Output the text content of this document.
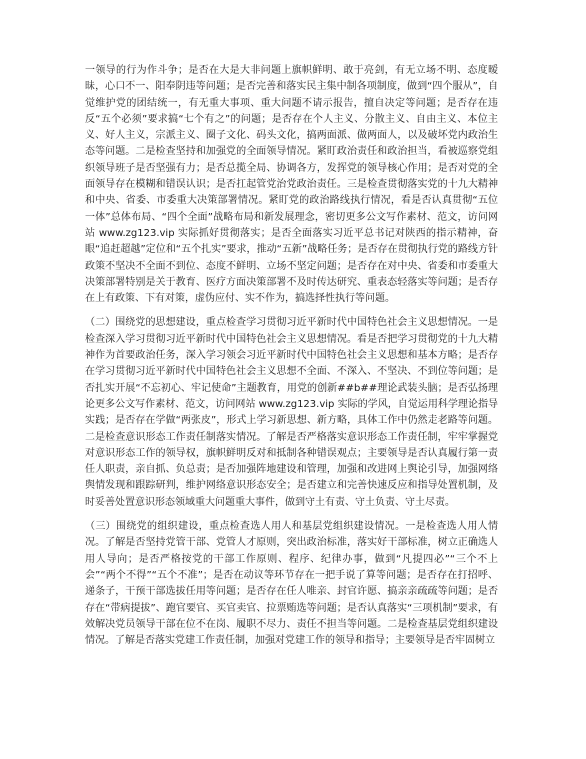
一领导的行为作斗争；是否在大是大非问题上旗帜鲜明、敢于亮剑，有无立场不明、态度暧昧，心口不一、阳奉阴违等问题；是否完善和落实民主集中制各项制度，做到“四个服从”，自觉维护党的团结统一，有无重大事项、重大问题不请示报告，擅自决定等问题；是否存在违反“五个必须”要求搞“七个有之”的问题；是否存在个人主义、分散主义、自由主义、本位主义、好人主义，宗派主义、圈子文化、码头文化，搞两面派、做两面人，以及破坏党内政治生态等问题。二是检查坚持和加强党的全面领导情况。紧盯政治责任和政治担当，看被巡察党组织领导班子是否坚强有力；是否总揽全局、协调各方，发挥党的领导核心作用；是否对党的全面领导存在模糊和错误认识；是否扛起管党治党政治责任。三是检查贯彻落实党的十九大精神和中央、省委、市委重大决策部署情况。紧盯党的政治路线执行情况，看是否认真贯彻“五位一体”总体布局、“四个全面”战略布局和新发展理念，密切更多公文写作素材、范文，访问网站 www.zg123.vip 实际抓好贯彻落实；是否全面落实习近平总书记对陕西的指示精神，奋眼“追赶超越”定位和“五个扎实”要求，推动“五新”战略任务；是否存在贯彻执行党的路线方针政策不坚决不全面不到位、态度不鲜明、立场不坚定问题；是否存在对中央、省委和市委重大决策部署特别是关于教育、医疗方面决策部署不及时传达研究、重表态轻落实等问题；是否存在上有政策、下有对策，虚伪应付、实不作为，搞选择性执行等问题。

（二）围绕党的思想建设，重点检查学习贯彻习近平新时代中国特色社会主义思想情况。一是检查深入学习贯彻习近平新时代中国特色社会主义思想情况。看是否把学习贯彻党的十九大精神作为首要政治任务，深入学习领会习近平新时代中国特色社会主义思想和基本方略；是否存在学习贯彻习近平新时代中国特色社会主义思想不全面、不深入、不坚决、不到位等问题；是否扎实开展“不忘初心、牢记使命”主题教育，用党的创新##b##理论武装头脑；是否弘扬理论更多公文写作素材、范文，访问网站 www.zg123.vip 实际的学风，自觉运用科学理论指导实践；是否存在学做“两张皮”，形式上学习新思想、新方略，具体工作中仍然走老路等问题。二是检查意识形态工作责任制落实情况。了解是否严格落实意识形态工作责任制，牢牢掌握党对意识形态工作的领导权，旗帜鲜明反对和抵制各种错误观点；主要领导是否认真履行第一责任人职责，亲自抓、负总责；是否加强阵地建设和管理，加强和改进网上舆论引导，加强网络舆情发现和跟踪研判，维护网络意识形态安全；是否建立和完善快速反应和指导处置机制，及时妥善处置意识形态领域重大问题重大事件，做到守土有责、守土负责、守土尽责。

（三）围绕党的组织建设，重点检查选人用人和基层党组织建设情况。一是检查选人用人情况。了解是否坚持党管干部、党管人才原则，突出政治标准，落实好干部标准，树立正确选人用人导向；是否严格按党的干部工作原则、程序、纪律办事，做到“凡提四必”“三个不上会”“两个不得”“五个不准”；是否在动议等环节存在一把手说了算等问题；是否存在打招呼、递条子，干预干部选拔任用等问题；是否存在任人唯亲、封官许愿、搞亲亲疏疏等问题；是否存在“带病提拔”、跑官要官、买官卖官、拉票贿选等问题；是否认真落实“三项机制”要求，有效解决党员领导干部在位不在岗、履职不尽力、责任不担当等问题。二是检查基层党组织建设情况。了解是否落实党建工作责任制，加强对党建工作的领导和指导；主要领导是否牢固树立
